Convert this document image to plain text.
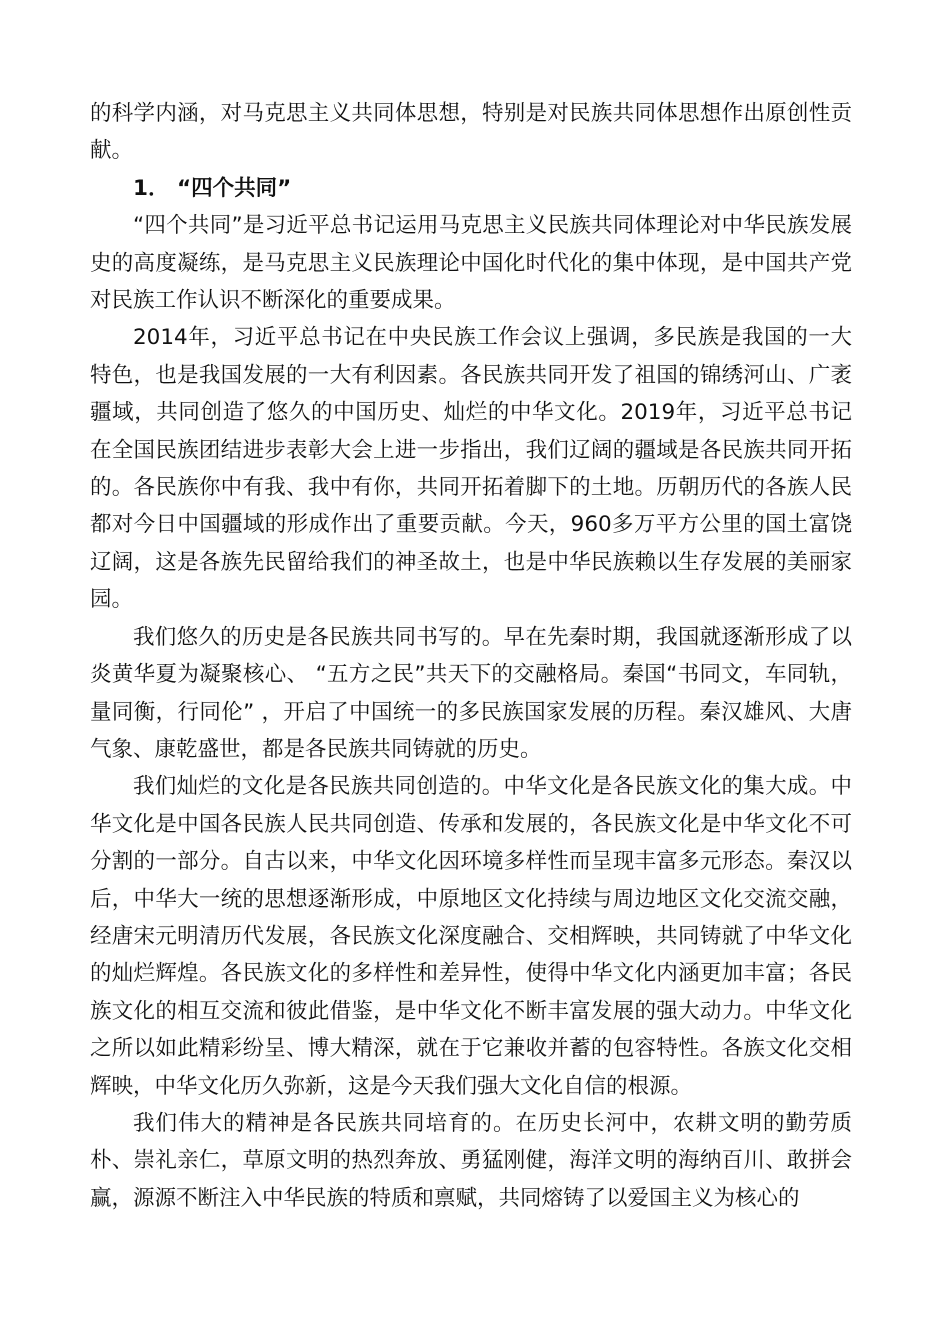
的科学内涵，对马克思主义共同体思想，特别是对民族共同体思想作出原创性贡献。

1． “四个共同”

“四个共同”是习近平总书记运用马克思主义民族共同体理论对中华民族发展史的高度凝练，是马克思主义民族理论中国化时代化的集中体现，是中国共产党对民族工作认识不断深化的重要成果。

2014年，习近平总书记在中央民族工作会议上强调，多民族是我国的一大特色，也是我国发展的一大有利因素。各民族共同开发了祖国的锦绣河山、广袤疆域，共同创造了悠久的中国历史、灿烂的中华文化。2019年，习近平总书记在全国民族团结进步表彰大会上进一步指出，我们辽阔的疆域是各民族共同开拓的。各民族你中有我、我中有你，共同开拓着脚下的土地。历朝历代的各族人民都对今日中国疆域的形成作出了重要贡献。今天，960多万平方公里的国土富饶辽阔，这是各族先民留给我们的神圣故土，也是中华民族赖以生存发展的美丽家园。

我们悠久的历史是各民族共同书写的。早在先秦时期，我国就逐渐形成了以炎黄华夏为凝聚核心、 “五方之民”共天下的交融格局。秦国“书同文，车同轨，量同衡，行同伦” ，开启了中国统一的多民族国家发展的历程。秦汉雄风、大唐气象、康乾盛世，都是各民族共同铸就的历史。

我们灿烂的文化是各民族共同创造的。中华文化是各民族文化的集大成。中华文化是中国各民族人民共同创造、传承和发展的，各民族文化是中华文化不可分割的一部分。自古以来，中华文化因环境多样性而呈现丰富多元形态。秦汉以后，中华大一统的思想逐渐形成，中原地区文化持续与周边地区文化交流交融，经唐宋元明清历代发展，各民族文化深度融合、交相辉映，共同铸就了中华文化的灿烂辉煌。各民族文化的多样性和差异性，使得中华文化内涵更加丰富；各民族文化的相互交流和彼此借鉴，是中华文化不断丰富发展的强大动力。中华文化之所以如此精彩纷呈、博大精深，就在于它兼收并蓄的包容特性。各族文化交相辉映，中华文化历久弥新，这是今天我们强大文化自信的根源。

我们伟大的精神是各民族共同培育的。在历史长河中，农耕文明的勤劳质朴、崇礼亲仁，草原文明的热烈奔放、勇猛刚健，海洋文明的海纳百川、敢拼会赢，源源不断注入中华民族的特质和禀赋，共同熔铸了以爱国主义为核心的
